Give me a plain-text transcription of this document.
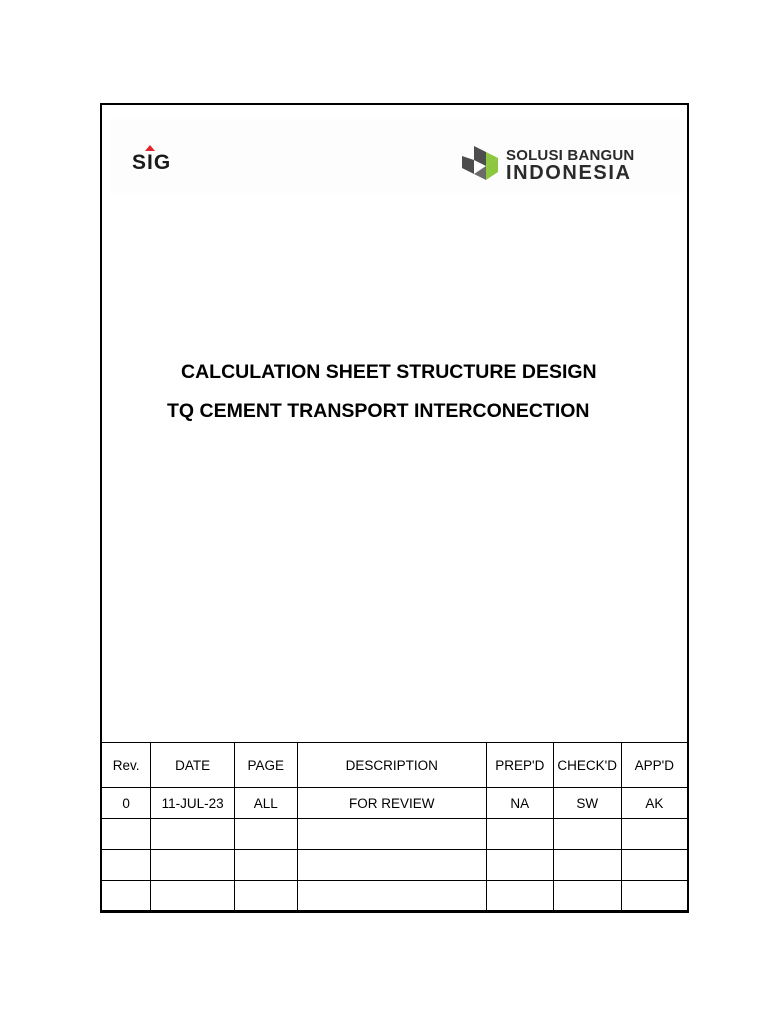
SIG	SOLUSI BANGUN
INDONESIA
CALCULATION SHEET STRUCTURE DESIGN
TQ CEMENT TRANSPORT INTERCONECTION
Rev.	DATE	PAGE	DESCRIPTION	PREP'D	CHECK'D	APP'D
0	11-JUL-23	ALL	FOR REVIEW	NA	SW	AK
